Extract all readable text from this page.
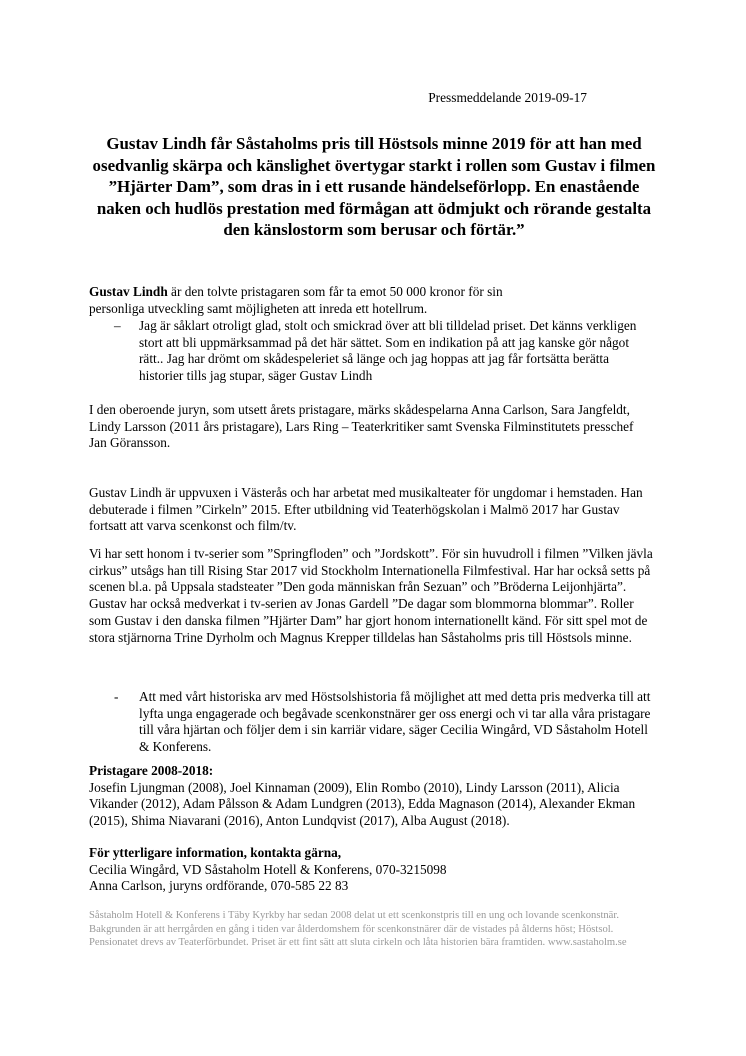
Pressmeddelande 2019-09-17

Gustav Lindh får Såstaholms pris till Höstsols minne 2019 för att han med osedvanlig skärpa och känslighet övertygar starkt i rollen som Gustav i filmen ”Hjärter Dam”, som dras in i ett rusande händelseförlopp. En enastående naken och hudlös prestation med förmågan att ödmjukt och rörande gestalta den känslostorm som berusar och förtär.”

Gustav Lindh är den tolvte pristagaren som får ta emot 50 000 kronor för sin personliga utveckling samt möjligheten att inreda ett hotellrum.

–	Jag är såklart otroligt glad, stolt och smickrad över att bli tilldelad priset. Det känns verkligen stort att bli uppmärksammad på det här sättet. Som en indikation på att jag kanske gör något rätt.. Jag har drömt om skådespeleriet så länge och jag hoppas att jag får fortsätta berätta historier tills jag stupar, säger Gustav Lindh

I den oberoende juryn, som utsett årets pristagare, märks skådespelarna Anna Carlson, Sara Jangfeldt, Lindy Larsson (2011 års pristagare), Lars Ring – Teaterkritiker samt Svenska Filminstitutets presschef Jan Göransson.

Gustav Lindh är uppvuxen i Västerås och har arbetat med musikalteater för ungdomar i hemstaden. Han debuterade i filmen ”Cirkeln” 2015. Efter utbildning vid Teaterhögskolan i Malmö 2017 har Gustav fortsatt att varva scenkonst och film/tv.

Vi har sett honom i tv-serier som ”Springfloden” och ”Jordskott”. För sin huvudroll i filmen ”Vilken jävla cirkus” utsågs han till Rising Star 2017 vid Stockholm Internationella Filmfestival. Har har också setts på scenen bl.a. på Uppsala stadsteater ”Den goda människan från Sezuan” och ”Bröderna Leijonhjärta”. Gustav har också medverkat i tv-serien av Jonas Gardell ”De dagar som blommorna blommar”. Roller som Gustav i den danska filmen ”Hjärter Dam” har gjort honom internationellt känd. För sitt spel mot de stora stjärnorna Trine Dyrholm och Magnus Krepper tilldelas han Såstaholms pris till Höstsols minne.

-	Att med vårt historiska arv med Höstsolshistoria få möjlighet att med detta pris medverka till att lyfta unga engagerade och begåvade scenkonstnärer ger oss energi och vi tar alla våra pristagare till våra hjärtan och följer dem i sin karriär vidare, säger Cecilia Wingård, VD Såstaholm Hotell & Konferens.
Pristagare 2008-2018:
Josefin Ljungman (2008), Joel Kinnaman (2009), Elin Rombo (2010), Lindy Larsson (2011), Alicia Vikander (2012), Adam Pålsson & Adam Lundgren (2013), Edda Magnason (2014), Alexander Ekman (2015), Shima Niavarani (2016), Anton Lundqvist (2017), Alba August (2018).
För ytterligare information, kontakta gärna,
Cecilia Wingård, VD Såstaholm Hotell & Konferens, 070-3215098
Anna Carlson, juryns ordförande, 070-585 22 83

Såstaholm Hotell & Konferens i Täby Kyrkby har sedan 2008 delat ut ett scenkonstpris till en ung och lovande scenkonstnär. Bakgrunden är att herrgården en gång i tiden var ålderdomshem för scenkonstnärer där de vistades på ålderns höst; Höstsol. Pensionatet drevs av Teaterförbundet. Priset är ett fint sätt att sluta cirkeln och låta historien bära framtiden. www.sastaholm.se
